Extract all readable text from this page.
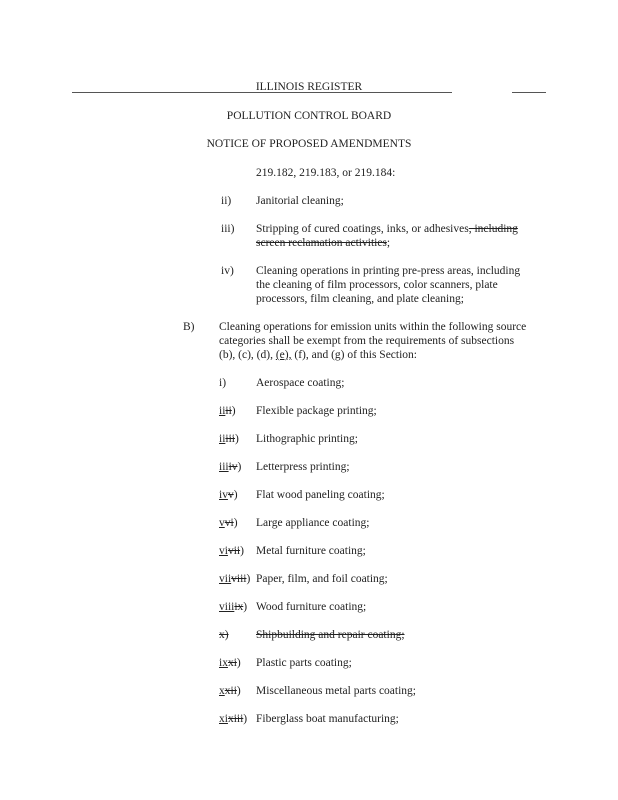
ILLINOIS REGISTER
POLLUTION CONTROL BOARD
NOTICE OF PROPOSED AMENDMENTS
219.182, 219.183, or 219.184:
ii) Janitorial cleaning;
iii) Stripping of cured coatings, inks, or adhesives, including
screen reclamation activities;
iv) Cleaning operations in printing pre-press areas, including
the cleaning of film processors, color scanners, plate
processors, film cleaning, and plate cleaning;
B) Cleaning operations for emission units within the following source
categories shall be exempt from the requirements of subsections
(b), (c), (d), (e), (f), and (g) of this Section:
i)	Aerospace coating;
iiii) Flexible package printing;
iiiii) Lithographic printing;
iiiiv) Letterpress printing;
ivv) Flat wood paneling coating;
vvi) Large appliance coating;
vivii) Metal furniture coating;
viiviii) Paper, film, and foil coating;
viiiix) Wood furniture coating;
x) Shipbuilding and repair coating;
ixxi) Plastic parts coating;
xxii) Miscellaneous metal parts coating;
xixiii) Fiberglass boat manufacturing;
